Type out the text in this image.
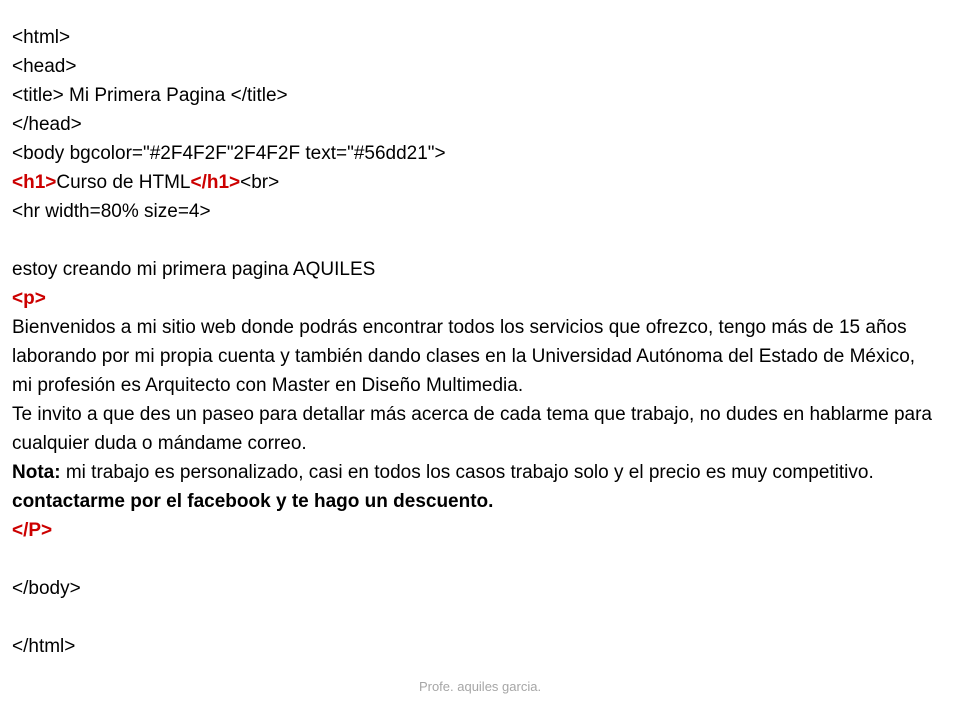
<html>
<head>
<title> Mi Primera Pagina </title>
</head>
<body bgcolor="#2F4F2F"2F4F2F text="#56dd21">
<h1>Curso de HTML</h1><br>
<hr width=80% size=4>
estoy creando mi primera pagina AQUILES
<p>
Bienvenidos a mi sitio web donde podrás encontrar todos los servicios que ofrezco, tengo más de 15 años laborando por mi propia cuenta y también dando clases en la Universidad Autónoma del Estado de México, mi profesión es Arquitecto con Master en Diseño Multimedia.
Te invito a que des un paseo para detallar más acerca de cada tema que trabajo, no dudes en hablarme para cualquier duda o mándame correo.
Nota: mi trabajo es personalizado, casi en todos los casos trabajo solo y el precio es muy competitivo.
contactarme por el facebook y te hago un descuento.
</P>
</body>
</html>
Profe. aquiles garcia.
